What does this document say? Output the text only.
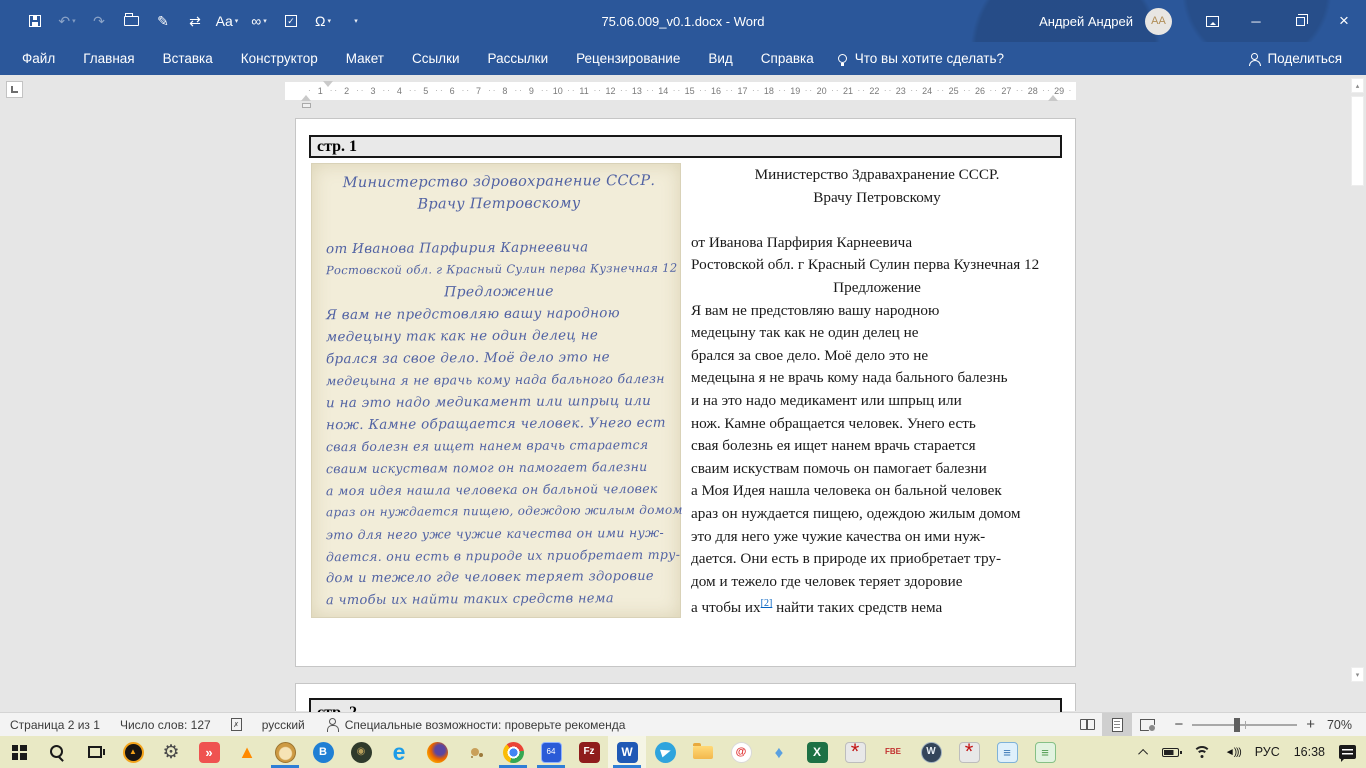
75.06.009_v0.1.docx - Word
↶ ▾ ↷	✎ ⇄ Aa ▾ ∞ ▾ ✓ Ω ▾	▾	Андрей Андрей	АА	─	×
Файл	Главная	Вставка	Конструктор	Макет	Ссылки	Рассылки	Рецензирование	Вид	Справка	Что вы хотите сделать?	Поделиться
· 1 ·	· 2 ·	· 3 ·	· 4 ·	· 5 ·	· 6 ·	· 7 ·	· 8 ·	· 9 ·	· 10 ·	· 11 ·	· 12 ·	· 13 ·	· 14 ·	· 15 ·	· 16 ·	· 17 ·	· 18 ·	· 19 ·	· 20 ·	· 21 ·	· 22 ·	· 23 ·	· 24 ·	· 25 ·	· 26 ·	· 27 ·	· 28 ·	· 29 ·	▴
▾
стр. 1
Министерство здровохранение СССР.
Врачу Петровскому
от Иванова Парфирия Карнеевича
Ростовской обл. г Красный Сулин перва Кузнечная 12
Предложение
Я вам не предстовляю вашу народною
медецыну так как не один делец не
брался за свое дело. Моё дело это не
медецына я не врачь кому нада бального балезн
и на это надо медикамент или шпрыц или
нож. Камне обращается человек. Унего ест
свая болезн ея ищет нанем врачь старается
сваим искуствам помог он памогает балезни
а моя идея нашла человека он бальной человек
араз он нуждается пищею, одеждою жилым домом
это для него уже чужие качества он ими нуж-
дается. они есть в природе их приобретает тру-
дом и тежело где человек теряет здоровие
а чтобы их найти таких средств нема
Министерство Здравахранение СССР.
Врачу Петровскому
от Иванова Парфирия Карнеевича
Ростовской обл. г Красный Сулин перва Кузнечная 12
Предложение
Я вам не предстовляю вашу народною
медецыну так как не один делец не
брался за свое дело. Моё дело это не
медецына я не врачь кому нада бального балезнь
и на это надо медикамент или шпрыц или
нож. Камне обращается человек. Унего есть
свая болезнь ея ищет нанем врачь старается
сваим искуствам помочь он памогает балезни
а Моя Идея нашла человека он бальной человек
араз он нуждается пищею, одеждою жилым домом
это для него уже чужие качества он ими нуж-
дается. Они есть в природе их приобретает тру-
дом и тежело где человек теряет здоровие
а чтобы их[2] найти таких средств нема
Страница 2 из 1	Число слов: 127	✗	русский	Специальные возможности: проверьте рекоменда	−	+ 70%
▲	⚙	»	▲	B	◉ e	64	Fz	W	@	♦	X *	FBE	W *	≡	≡	◄))) РУС 16:38
